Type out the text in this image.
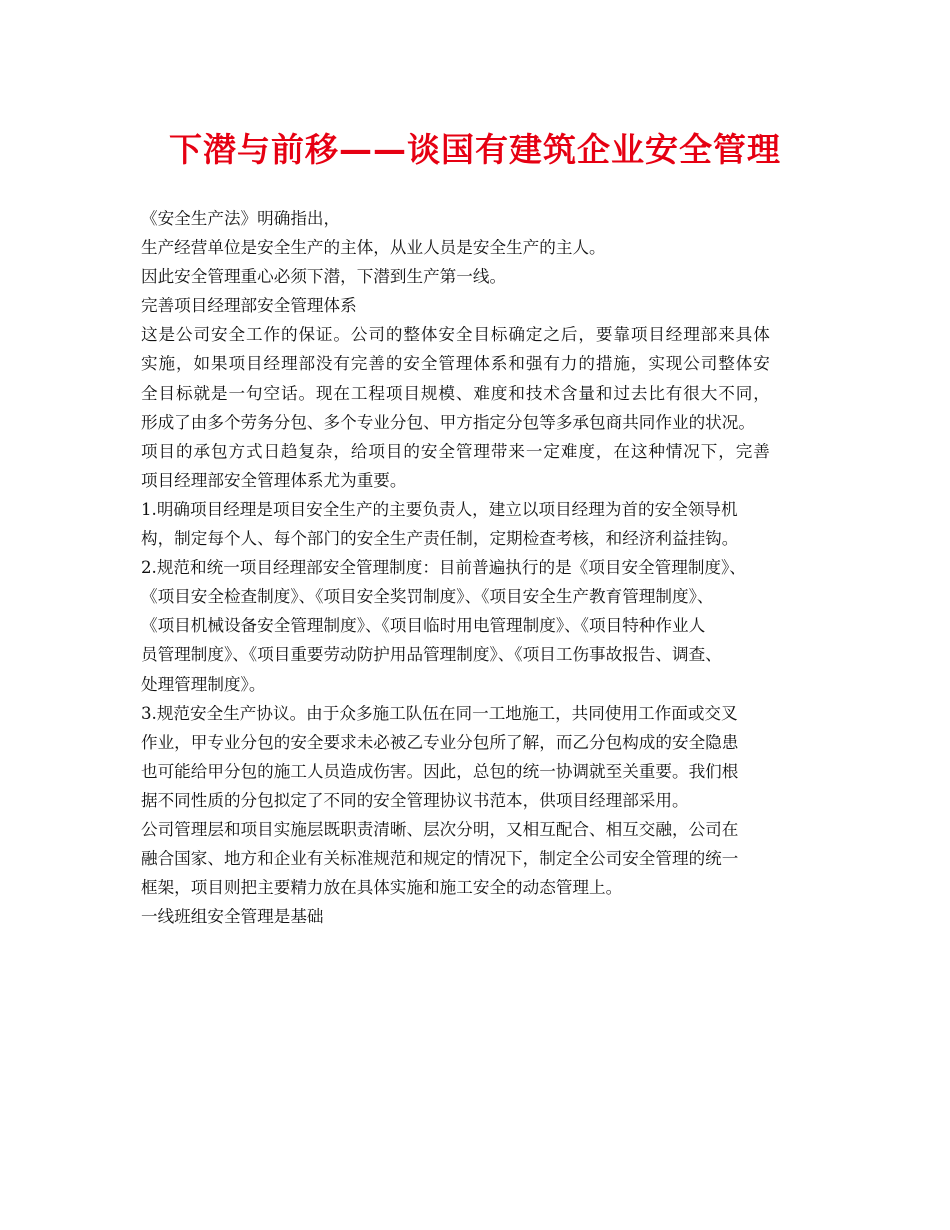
下潜与前移——谈国有建筑企业安全管理
《安全生产法》明确指出，
生产经营单位是安全生产的主体，从业人员是安全生产的主人。
因此安全管理重心必须下潜，下潜到生产第一线。
完善项目经理部安全管理体系
这是公司安全工作的保证。公司的整体安全目标确定之后，要靠项目经理部来具体
实施，如果项目经理部没有完善的安全管理体系和强有力的措施，实现公司整体安
全目标就是一句空话。现在工程项目规模、难度和技术含量和过去比有很大不同，
形成了由多个劳务分包、多个专业分包、甲方指定分包等多承包商共同作业的状况。
项目的承包方式日趋复杂，给项目的安全管理带来一定难度，在这种情况下，完善
项目经理部安全管理体系尤为重要。
1.明确项目经理是项目安全生产的主要负责人，建立以项目经理为首的安全领导机
构，制定每个人、每个部门的安全生产责任制，定期检查考核，和经济利益挂钩。
2.规范和统一项目经理部安全管理制度：目前普遍执行的是《项目安全管理制度》、
《项目安全检查制度》、《项目安全奖罚制度》、《项目安全生产教育管理制度》、
《项目机械设备安全管理制度》、《项目临时用电管理制度》、《项目特种作业人
员管理制度》、《项目重要劳动防护用品管理制度》、《项目工伤事故报告、调查、
处理管理制度》。
3.规范安全生产协议。由于众多施工队伍在同一工地施工，共同使用工作面或交叉
作业，甲专业分包的安全要求未必被乙专业分包所了解，而乙分包构成的安全隐患
也可能给甲分包的施工人员造成伤害。因此，总包的统一协调就至关重要。我们根
据不同性质的分包拟定了不同的安全管理协议书范本，供项目经理部采用。
公司管理层和项目实施层既职责清晰、层次分明，又相互配合、相互交融，公司在
融合国家、地方和企业有关标准规范和规定的情况下，制定全公司安全管理的统一
框架，项目则把主要精力放在具体实施和施工安全的动态管理上。
一线班组安全管理是基础
